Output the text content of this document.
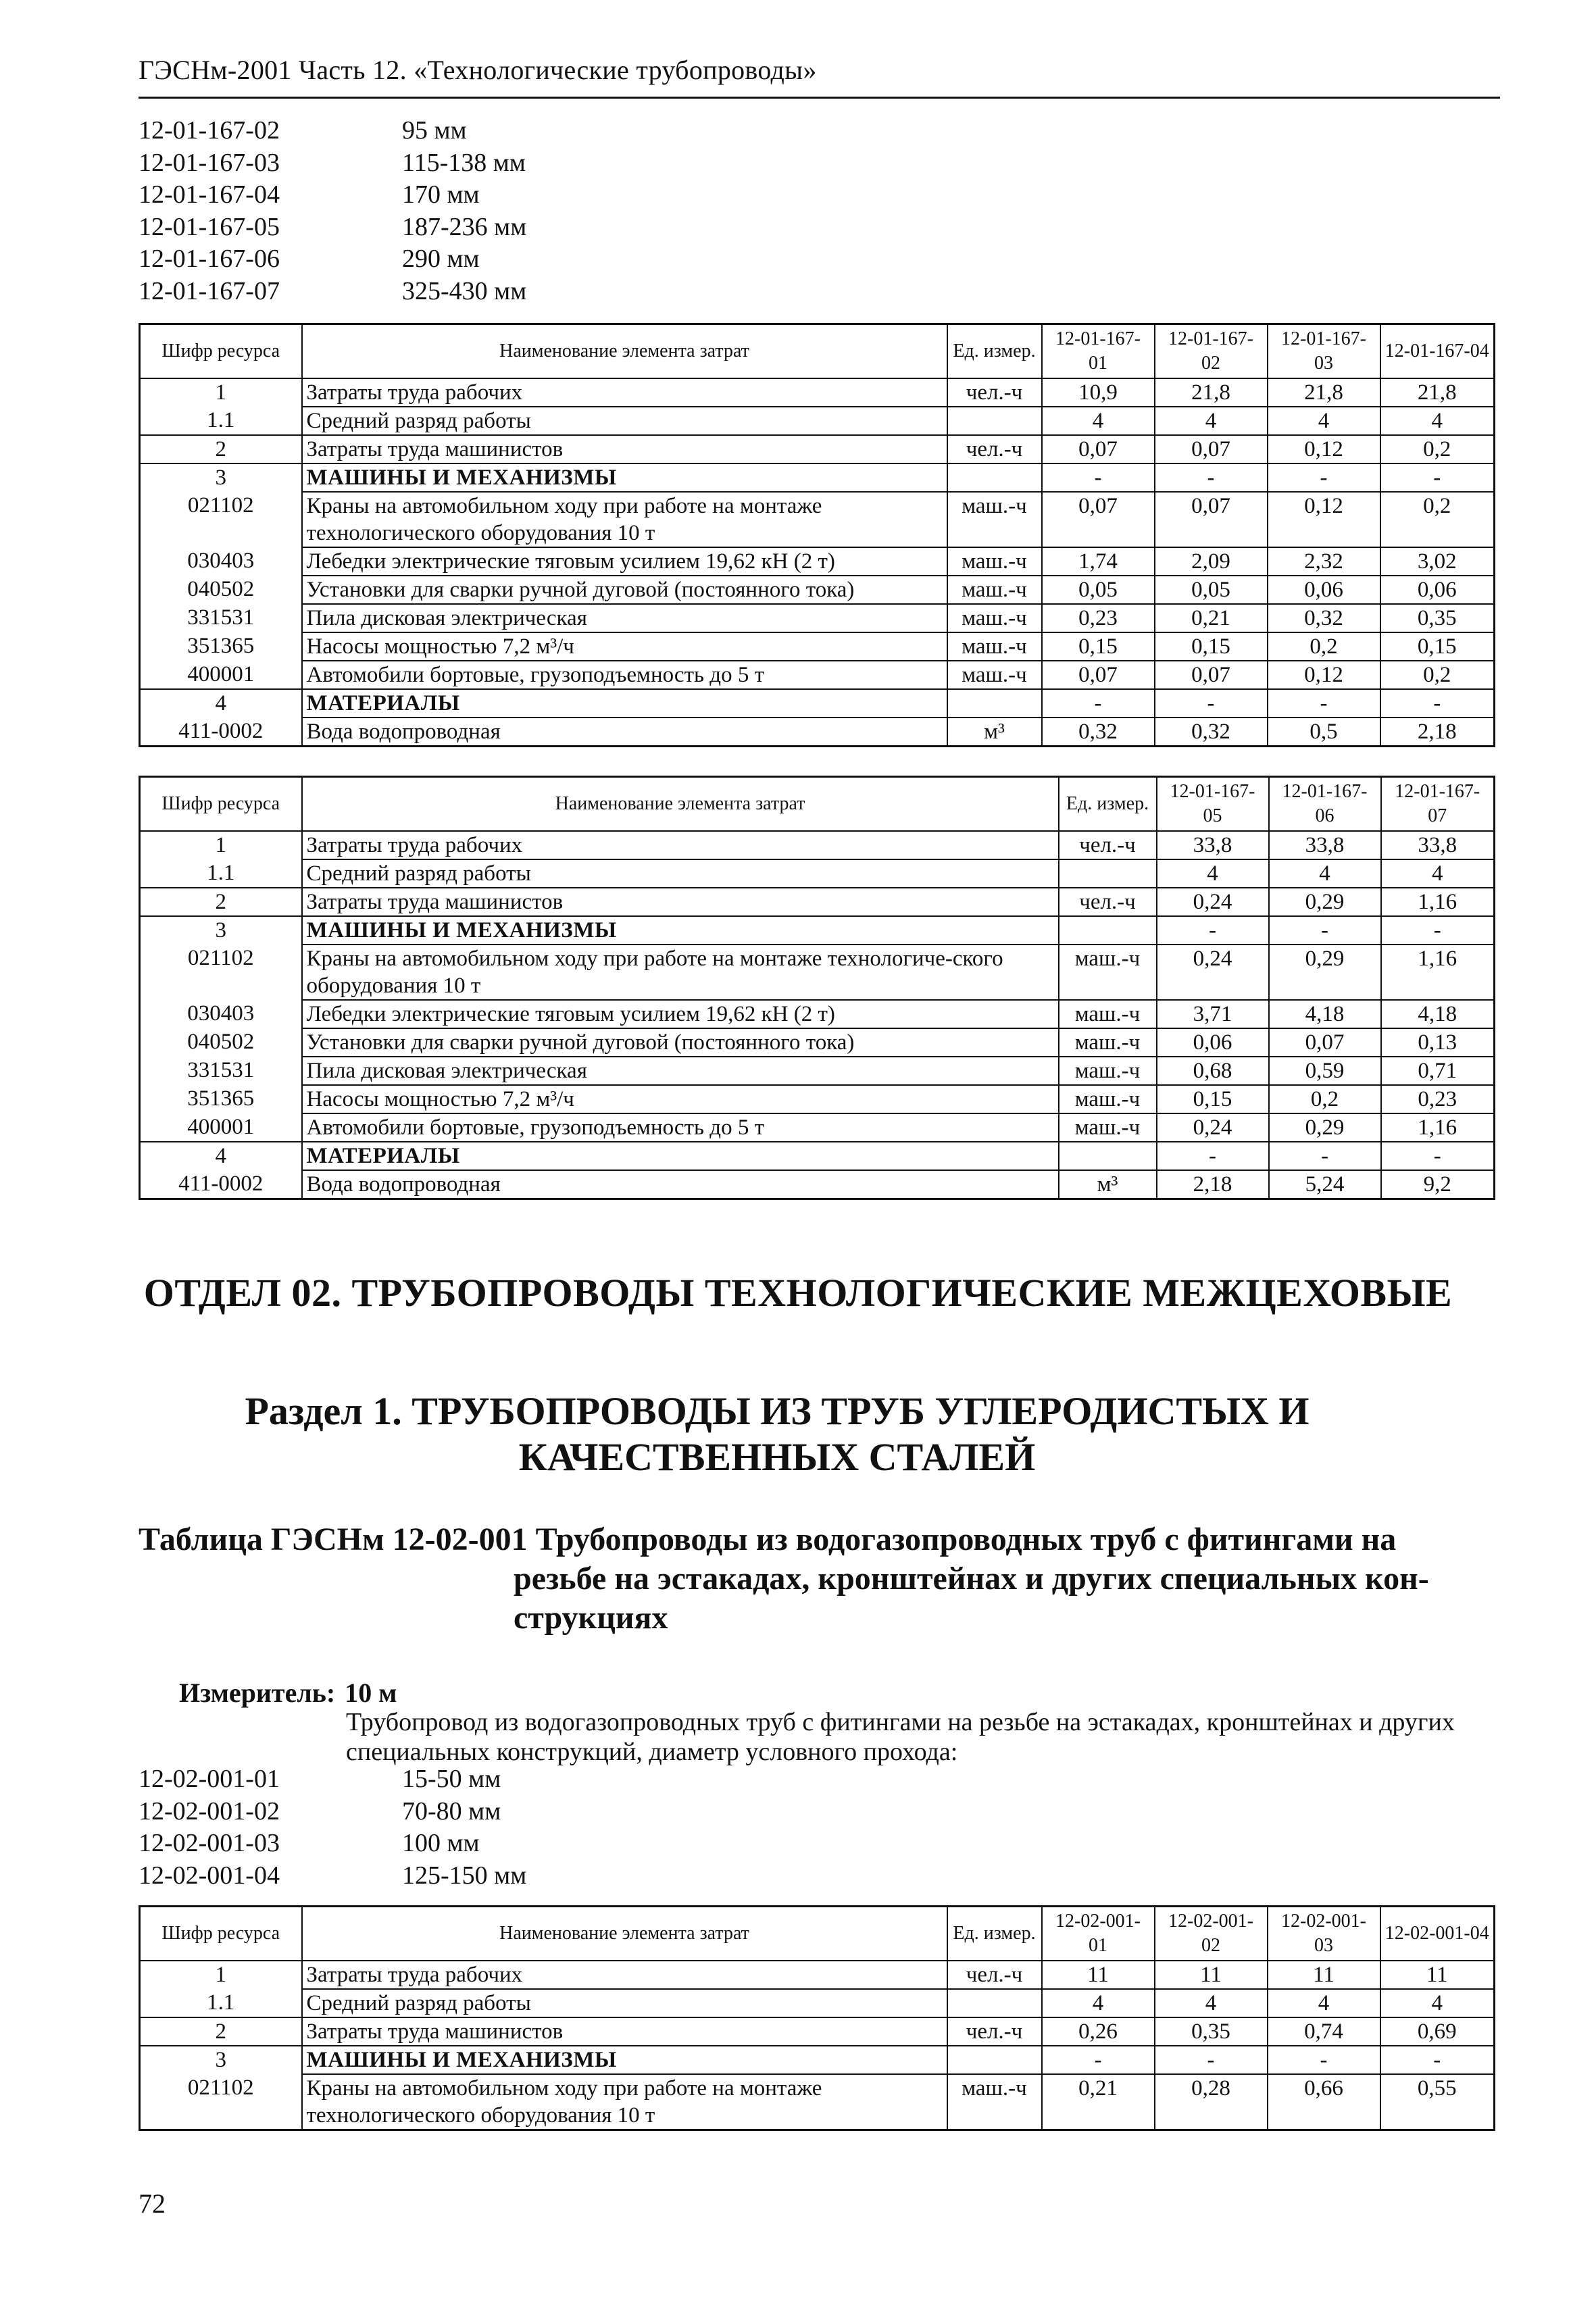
ГЭСНм-2001 Часть 12. «Технологические трубопроводы»
12-01-167-02	95 мм
12-01-167-03	115-138 мм
12-01-167-04	170 мм
12-01-167-05	187-236 мм
12-01-167-06	290 мм
12-01-167-07	325-430 мм
Шифр ресурса	Наименование элемента затрат	Ед. измер.	12-01-167-01	12-01-167-02	12-01-167-03	12-01-167-04
1	Затраты труда рабочих	чел.-ч	10,9	21,8	21,8	21,8
1.1	Средний разряд работы		4	4	4	4
2	Затраты труда машинистов	чел.-ч	0,07	0,07	0,12	0,2
3	МАШИНЫ И МЕХАНИЗМЫ		-	-	-	-
021102	Краны на автомобильном ходу при работе на монтаже технологического оборудования 10 т	маш.-ч	0,07	0,07	0,12	0,2
030403	Лебедки электрические тяговым усилием 19,62 кН (2 т)	маш.-ч	1,74	2,09	2,32	3,02
040502	Установки для сварки ручной дуговой (постоянного тока)	маш.-ч	0,05	0,05	0,06	0,06
331531	Пила дисковая электрическая	маш.-ч	0,23	0,21	0,32	0,35
351365	Насосы мощностью 7,2 м³/ч	маш.-ч	0,15	0,15	0,2	0,15
400001	Автомобили бортовые, грузоподъемность до 5 т	маш.-ч	0,07	0,07	0,12	0,2
4	МАТЕРИАЛЫ		-	-	-	-
411-0002	Вода водопроводная	м³	0,32	0,32	0,5	2,18
Шифр ресурса	Наименование элемента затрат	Ед. измер.	12-01-167-05	12-01-167-06	12-01-167-07
1	Затраты труда рабочих	чел.-ч	33,8	33,8	33,8
1.1	Средний разряд работы		4	4	4
2	Затраты труда машинистов	чел.-ч	0,24	0,29	1,16
3	МАШИНЫ И МЕХАНИЗМЫ		-	-	-
021102	Краны на автомобильном ходу при работе на монтаже технологиче-ского оборудования 10 т	маш.-ч	0,24	0,29	1,16
030403	Лебедки электрические тяговым усилием 19,62 кН (2 т)	маш.-ч	3,71	4,18	4,18
040502	Установки для сварки ручной дуговой (постоянного тока)	маш.-ч	0,06	0,07	0,13
331531	Пила дисковая электрическая	маш.-ч	0,68	0,59	0,71
351365	Насосы мощностью 7,2 м³/ч	маш.-ч	0,15	0,2	0,23
400001	Автомобили бортовые, грузоподъемность до 5 т	маш.-ч	0,24	0,29	1,16
4	МАТЕРИАЛЫ		-	-	-
411-0002	Вода водопроводная	м³	2,18	5,24	9,2
ОТДЕЛ 02. ТРУБОПРОВОДЫ ТЕХНОЛОГИЧЕСКИЕ МЕЖЦЕХОВЫЕ
Раздел 1. ТРУБОПРОВОДЫ ИЗ ТРУБ УГЛЕРОДИСТЫХ И КАЧЕСТВЕННЫХ СТАЛЕЙ
Таблица ГЭСНм 12-02-001 Трубопроводы из водогазопроводных труб с фитингами на
резьбе на эстакадах, кронштейнах и других специальных кон-
струкциях
Измеритель: 10 м
Трубопровод из водогазопроводных труб с фитингами на резьбе на эстакадах, кронштейнах и других специальных конструкций, диаметр условного прохода:
12-02-001-01	15-50 мм
12-02-001-02	70-80 мм
12-02-001-03	100 мм
12-02-001-04	125-150 мм
Шифр ресурса	Наименование элемента затрат	Ед. измер.	12-02-001-01	12-02-001-02	12-02-001-03	12-02-001-04
1	Затраты труда рабочих	чел.-ч	11	11	11	11
1.1	Средний разряд работы		4	4	4	4
2	Затраты труда машинистов	чел.-ч	0,26	0,35	0,74	0,69
3	МАШИНЫ И МЕХАНИЗМЫ		-	-	-	-
021102	Краны на автомобильном ходу при работе на монтаже технологического оборудования 10 т	маш.-ч	0,21	0,28	0,66	0,55
72
